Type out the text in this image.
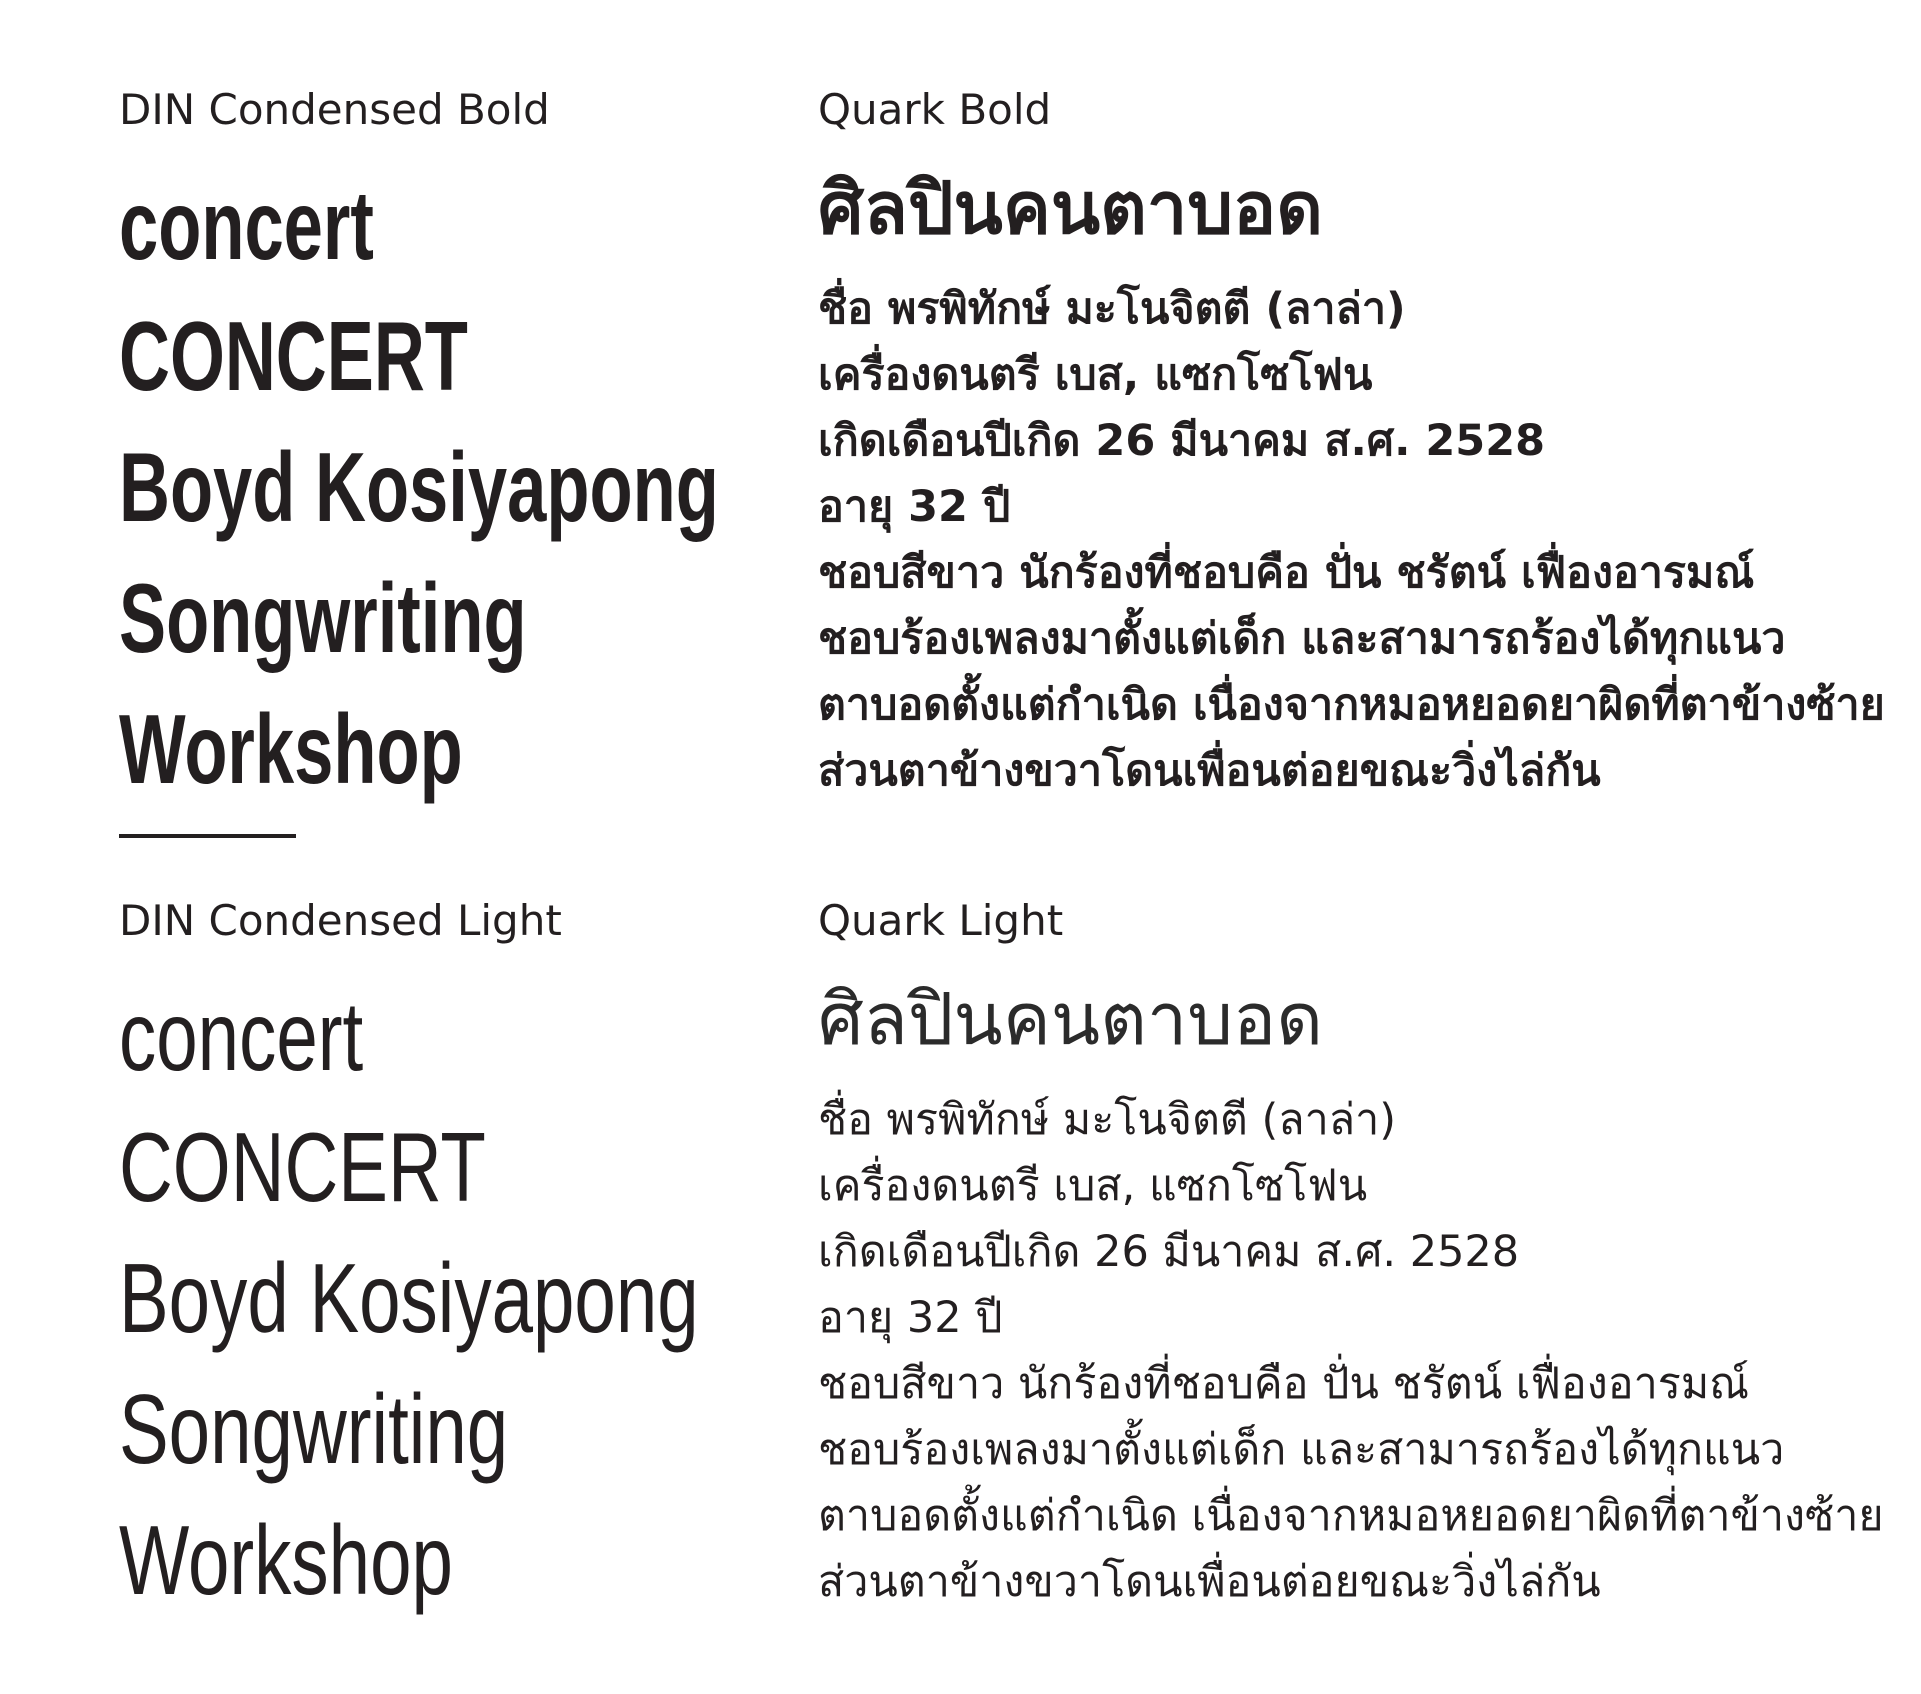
DIN Condensed Bold
concert
CONCERT
Boyd Kosiyapong
Songwriting
Workshop
Quark Bold
ศิลปินคนตาบอด
ชื่อ พรพิทักษ์ มะโนจิตตี (ลาล่า)
เครื่องดนตรี เบส, แซกโซโฟน
เกิดเดือนปีเกิด 26 มีนาคม ส.ศ. 2528
อายุ 32 ปี
ชอบสีขาว นักร้องที่ชอบคือ ปั่น ชรัตน์ เฟื่องอารมณ์
ชอบร้องเพลงมาตั้งแต่เด็ก และสามารถร้องได้ทุกแนว
ตาบอดตั้งแต่กำเนิด เนื่องจากหมอหยอดยาผิดที่ตาข้างซ้าย
ส่วนตาข้างขวาโดนเพื่อนต่อยขณะวิ่งไล่กัน
DIN Condensed Light
concert
CONCERT
Boyd Kosiyapong
Songwriting
Workshop
Quark Light
ศิลปินคนตาบอด
ชื่อ พรพิทักษ์ มะโนจิตตี (ลาล่า)
เครื่องดนตรี เบส, แซกโซโฟน
เกิดเดือนปีเกิด 26 มีนาคม ส.ศ. 2528
อายุ 32 ปี
ชอบสีขาว นักร้องที่ชอบคือ ปั่น ชรัตน์ เฟื่องอารมณ์
ชอบร้องเพลงมาตั้งแต่เด็ก และสามารถร้องได้ทุกแนว
ตาบอดตั้งแต่กำเนิด เนื่องจากหมอหยอดยาผิดที่ตาข้างซ้าย
ส่วนตาข้างขวาโดนเพื่อนต่อยขณะวิ่งไล่กัน
